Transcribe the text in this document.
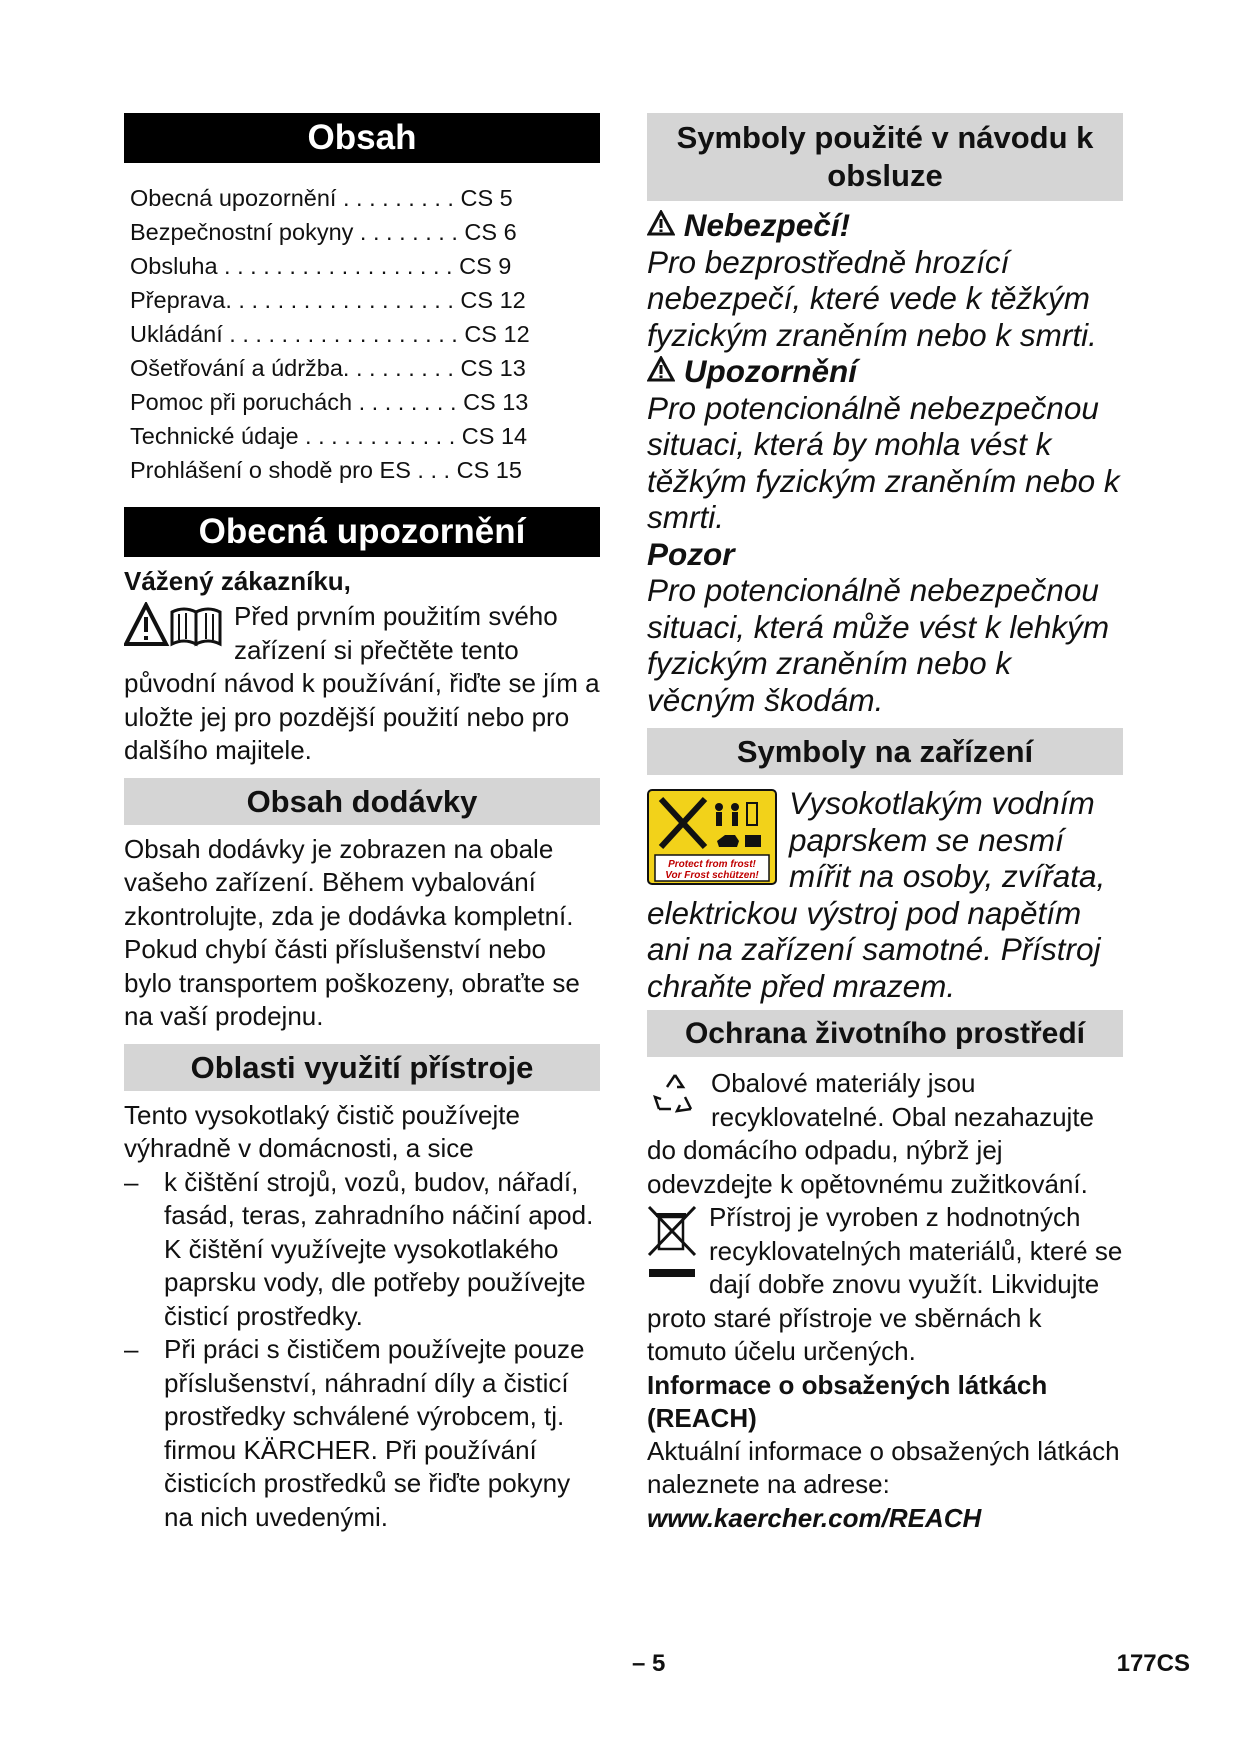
Obsah
Obecná upozornění . . . . . . . . . CS 5
Bezpečnostní pokyny . . . . . . . . CS 6
Obsluha . . . . . . . . . . . . . . . . . . CS 9
Přeprava. . . . . . . . . . . . . . . . . . CS 12
Ukládání . . . . . . . . . . . . . . . . . . CS 12
Ošetřování a údržba. . . . . . . . . CS 13
Pomoc při poruchách . . . . . . . . CS 13
Technické údaje . . . . . . . . . . . . CS 14
Prohlášení o shodě pro ES . . . CS 15
Obecná upozornění
Vážený zákazníku,
Před prvním použitím svého zařízení si přečtěte tento původní návod k používání, řiďte se jím a uložte jej pro pozdější použití nebo pro dalšího majitele.
Obsah dodávky
Obsah dodávky je zobrazen na obale vašeho zařízení. Během vybalování zkontrolujte, zda je dodávka kompletní. Pokud chybí části příslušenství nebo bylo transportem poškozeny, obraťte se na vaší prodejnu.
Oblasti využití přístroje
Tento vysokotlaký čistič používejte výhradně v domácnosti, a sice
– k čištění strojů, vozů, budov, nářadí, fasád, teras, zahradního náčiní apod. K čištění využívejte vysokotlakého paprsku vody, dle potřeby používejte čisticí prostředky.
– Při práci s čističem používejte pouze příslušenství, náhradní díly a čisticí prostředky schválené výrobcem, tj. firmou KÄRCHER. Při používání čisticích prostředků se řiďte pokyny na nich uvedenými.
Symboly použité v návodu k obsluze
Nebezpečí!
Pro bezprostředně hrozící nebezpečí, které vede k těžkým fyzickým zraněním nebo k smrti.
Upozornění
Pro potencionálně nebezpečnou situaci, která by mohla vést k těžkým fyzickým zraněním nebo k smrti.
Pozor
Pro potencionálně nebezpečnou situaci, která může vést k lehkým fyzickým zraněním nebo k věcným škodám.
Symboly na zařízení
Protect from frost!
Vor Frost schützen!
Vysokotlakým vodním paprskem se nesmí mířit na osoby, zvířata, elektrickou výstroj pod napětím ani na zařízení samotné. Přístroj chraňte před mrazem.
Ochrana životního prostředí
Obalové materiály jsou recyklovatelné. Obal nezahazujte do domácího odpadu, nýbrž jej odevzdejte k opětovnému zužitkování.
Přístroj je vyroben z hodnotných recyklovatelných materiálů, které se dají dobře znovu využít. Likvidujte proto staré přístroje ve sběrnách k tomuto účelu určených.
Informace o obsažených látkách (REACH)
Aktuální informace o obsažených látkách naleznete na adrese:
www.kaercher.com/REACH
– 5	177CS
